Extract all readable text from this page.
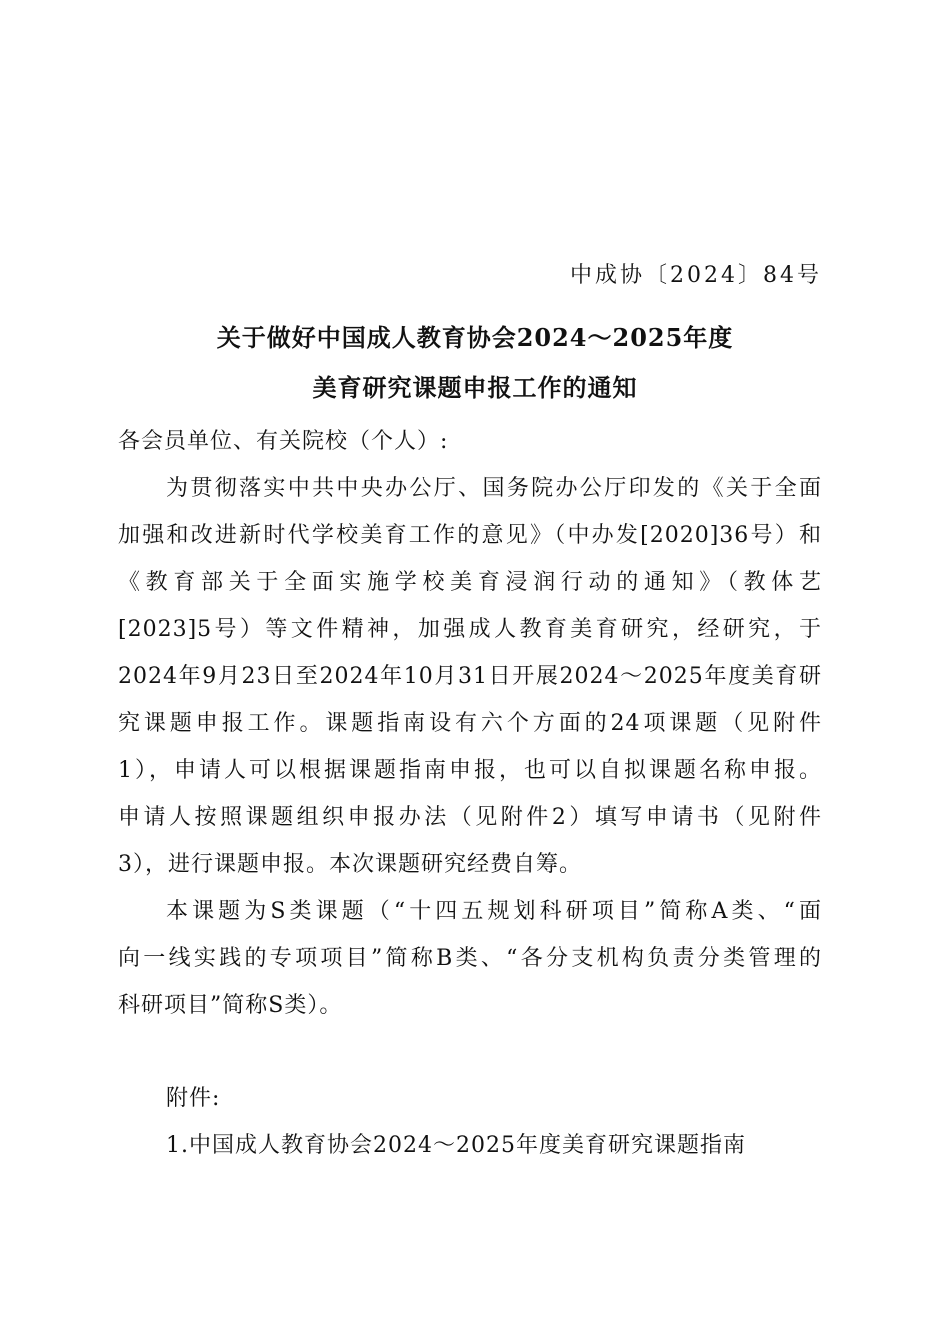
中成协〔2024〕84号
关于做好中国成人教育协会2024～2025年度
美育研究课题申报工作的通知
各会员单位、有关院校（个人）:
为贯彻落实中共中央办公厅、国务院办公厅印发的《关于全面
加强和改进新时代学校美育工作的意见》（中办发[2020]36号）和
《教育部关于全面实施学校美育浸润行动的通知》（教体艺
[2023]5号）等文件精神，加强成人教育美育研究，经研究，于
2024年9月23日至2024年10月31日开展2024～2025年度美育研
究课题申报工作。课题指南设有六个方面的24项课题（见附件
1），申请人可以根据课题指南申报，也可以自拟课题名称申报。
申请人按照课题组织申报办法（见附件2）填写申请书（见附件
3），进行课题申报。本次课题研究经费自筹。
本课题为S类课题（“十四五规划科研项目”简称A类、“面
向一线实践的专项项目”简称B类、“各分支机构负责分类管理的
科研项目”简称S类）。
附件:
1.中国成人教育协会2024～2025年度美育研究课题指南
